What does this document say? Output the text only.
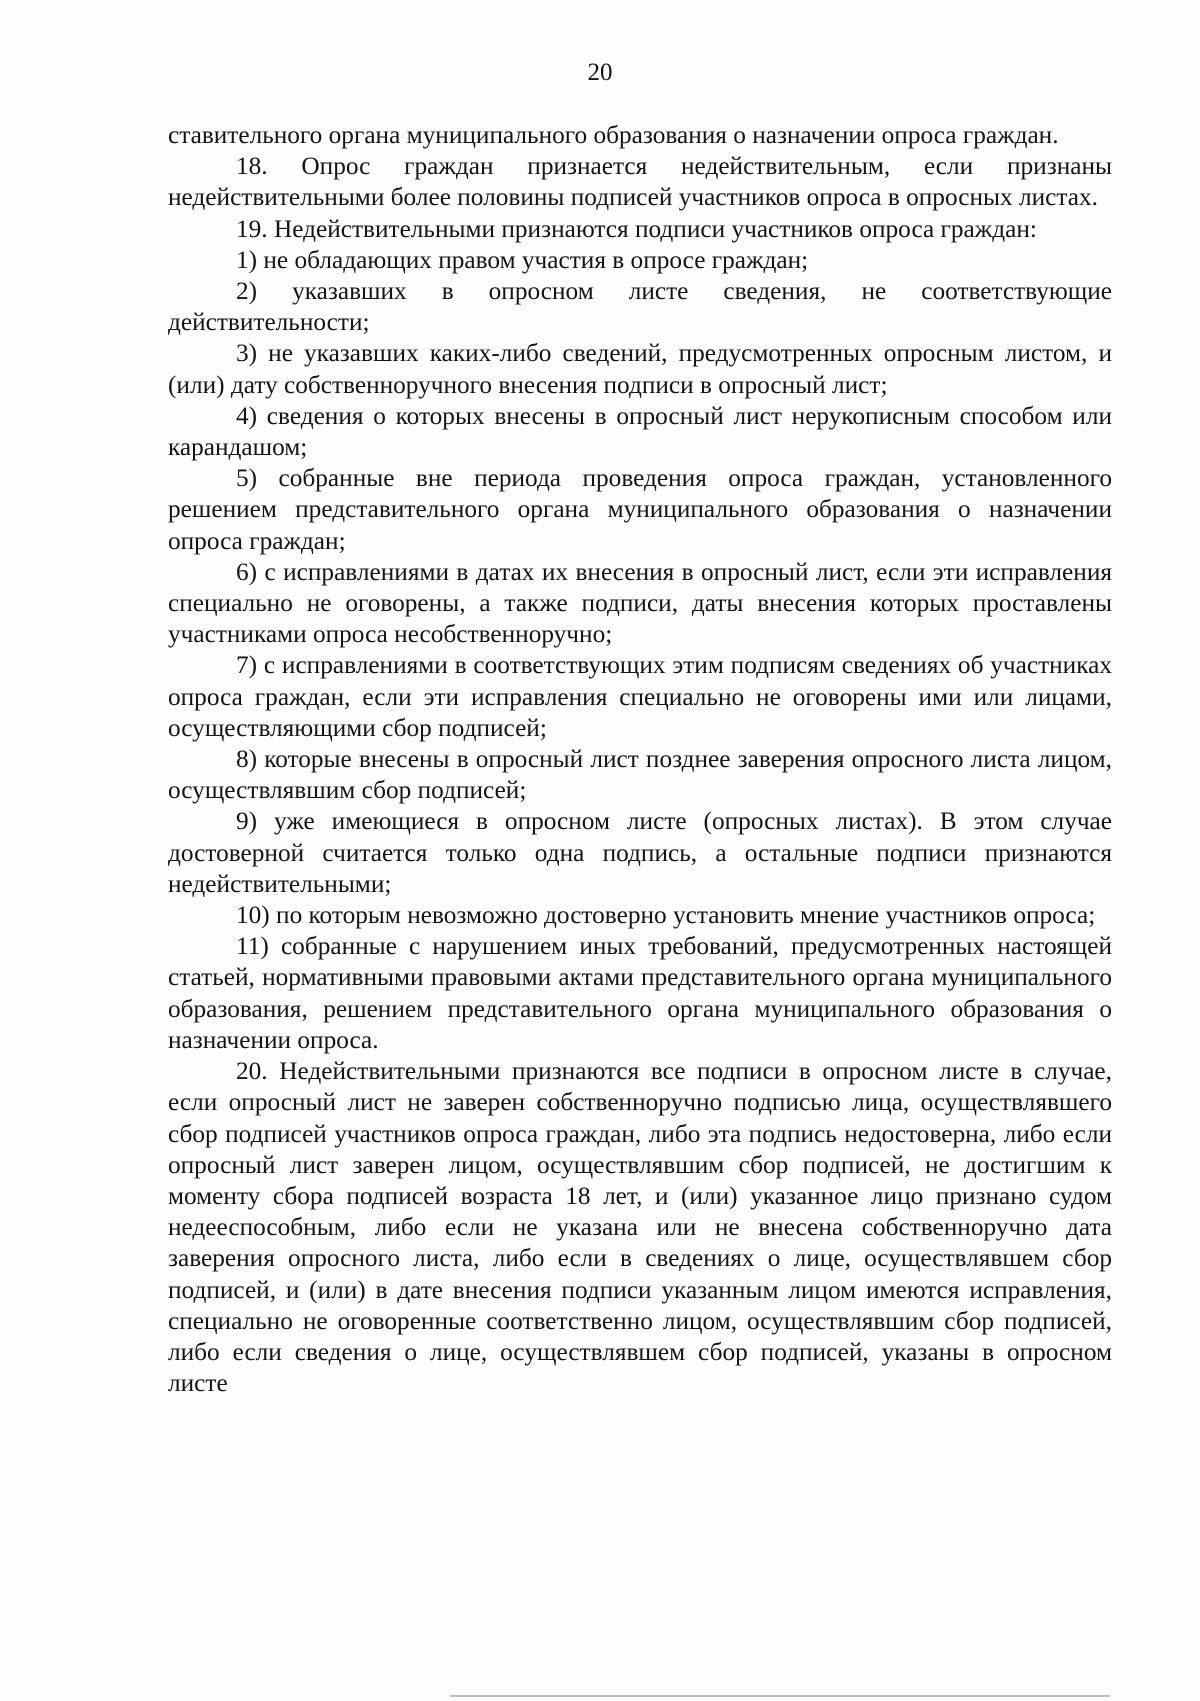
20

ставительного органа муниципального образования о назначении опроса граждан.

18. Опрос граждан признается недействительным, если признаны недействительными более половины подписей участников опроса в опросных листах.

19. Недействительными признаются подписи участников опроса граждан:

1) не обладающих правом участия в опросе граждан;

2) указавших в опросном листе сведения, не соответствующие действительности;

3) не указавших каких-либо сведений, предусмотренных опросным листом, и (или) дату собственноручного внесения подписи в опросный лист;

4) сведения о которых внесены в опросный лист нерукописным способом или карандашом;

5) собранные вне периода проведения опроса граждан, установленного решением представительного органа муниципального образования о назначении опроса граждан;

6) с исправлениями в датах их внесения в опросный лист, если эти исправления специально не оговорены, а также подписи, даты внесения которых проставлены участниками опроса несобственноручно;

7) с исправлениями в соответствующих этим подписям сведениях об участниках опроса граждан, если эти исправления специально не оговорены ими или лицами, осуществляющими сбор подписей;

8) которые внесены в опросный лист позднее заверения опросного листа лицом, осуществлявшим сбор подписей;

9) уже имеющиеся в опросном листе (опросных листах). В этом случае достоверной считается только одна подпись, а остальные подписи признаются недействительными;

10) по которым невозможно достоверно установить мнение участников опроса;

11) собранные с нарушением иных требований, предусмотренных настоящей статьей, нормативными правовыми актами представительного органа муниципального образования, решением представительного органа муниципального образования о назначении опроса.

20. Недействительными признаются все подписи в опросном листе в случае, если опросный лист не заверен собственноручно подписью лица, осуществлявшего сбор подписей участников опроса граждан, либо эта подпись недостоверна, либо если опросный лист заверен лицом, осуществлявшим сбор подписей, не достигшим к моменту сбора подписей возраста 18 лет, и (или) указанное лицо признано судом недееспособным, либо если не указана или не внесена собственноручно дата заверения опросного листа, либо если в сведениях о лице, осуществлявшем сбор подписей, и (или) в дате внесения подписи указанным лицом имеются исправления, специально не оговоренные соответственно лицом, осуществлявшим сбор подписей, либо если сведения о лице, осуществлявшем сбор подписей, указаны в опросном листе
